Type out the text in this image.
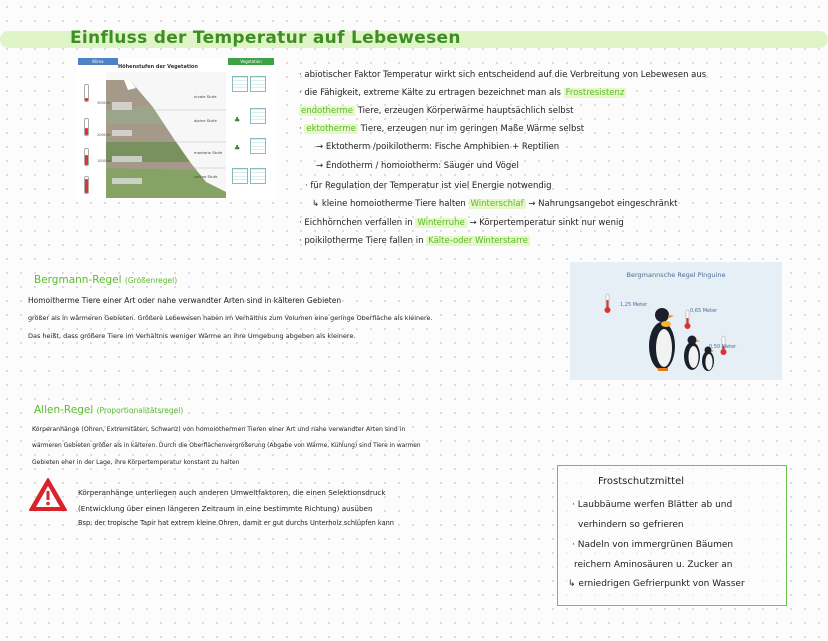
Einfluss der Temperatur auf Lebewesen
Klima	Vegetation
Höhenstufen der Vegetation
nivale Stufe
alpine Stufe
montane Stufe
colline Stufe
3000 m
2000 m
1000 m
♣
♣
· abiotischer Faktor Temperatur wirkt sich entscheidend auf die Verbreitung von Lebewesen aus
· die Fähigkeit, extreme Kälte zu ertragen bezeichnet man als Frostresistenz
endotherme Tiere, erzeugen Körperwärme hauptsächlich selbst
· ektotherme Tiere, erzeugen nur im geringen Maße Wärme selbst
→ Ektotherm /poikilotherm: Fische Amphibien + Reptilien
→ Endotherm / homoiotherm: Säuger und Vögel
· für Regulation der Temperatur ist viel Energie notwendig
↳ kleine homoiotherme Tiere halten Winterschlaf → Nahrungsangebot eingeschränkt
· Eichhörnchen verfallen in Winterruhe → Körpertemperatur sinkt nur wenig
· poikilotherme Tiere fallen in Kälte-oder Winterstarre
Bergmann-Regel (Größenregel)
Homoitherme Tiere einer Art oder nahe verwandter Arten sind in kälteren Gebieten
größer als in wärmeren Gebieten. Größere Lebewesen haben im Verhältnis zum Volumen eine geringe Oberfläche als kleinere.
Das heißt, dass größere Tiere im Verhältnis weniger Wärme an ihre Umgebung abgeben als kleinere.
Bergmannsche Regel Pinguine
1,25 Meter
0,65 Meter
0,50 Meter
Allen-Regel (Proportionalitätsregel)
Körperanhänge (Ohren, Extremitäten, Schwanz) von homoiothermen Tieren einer Art und nahe verwandter Arten sind in
wärmeren Gebieten größer als in kälteren. Durch die Oberflächenvergrößerung (Abgabe von Wärme, Kühlung) sind Tiere in warmen
Gebieten eher in der Lage, ihre Körpertemperatur konstant zu halten
Körperanhänge unterliegen auch anderen Umweltfaktoren, die einen Selektionsdruck
(Entwicklung über einen längeren Zeitraum in eine bestimmte Richtung) ausüben
Bsp: der tropische Tapir hat extrem kleine Ohren, damit er gut durchs Unterholz schlüpfen kann
Frostschutzmittel
· Laubbäume werfen Blätter ab und
verhindern so gefrieren
· Nadeln von immergrünen Bäumen
reichern Aminosäuren u. Zucker an
↳ erniedrigen Gefrierpunkt von Wasser
